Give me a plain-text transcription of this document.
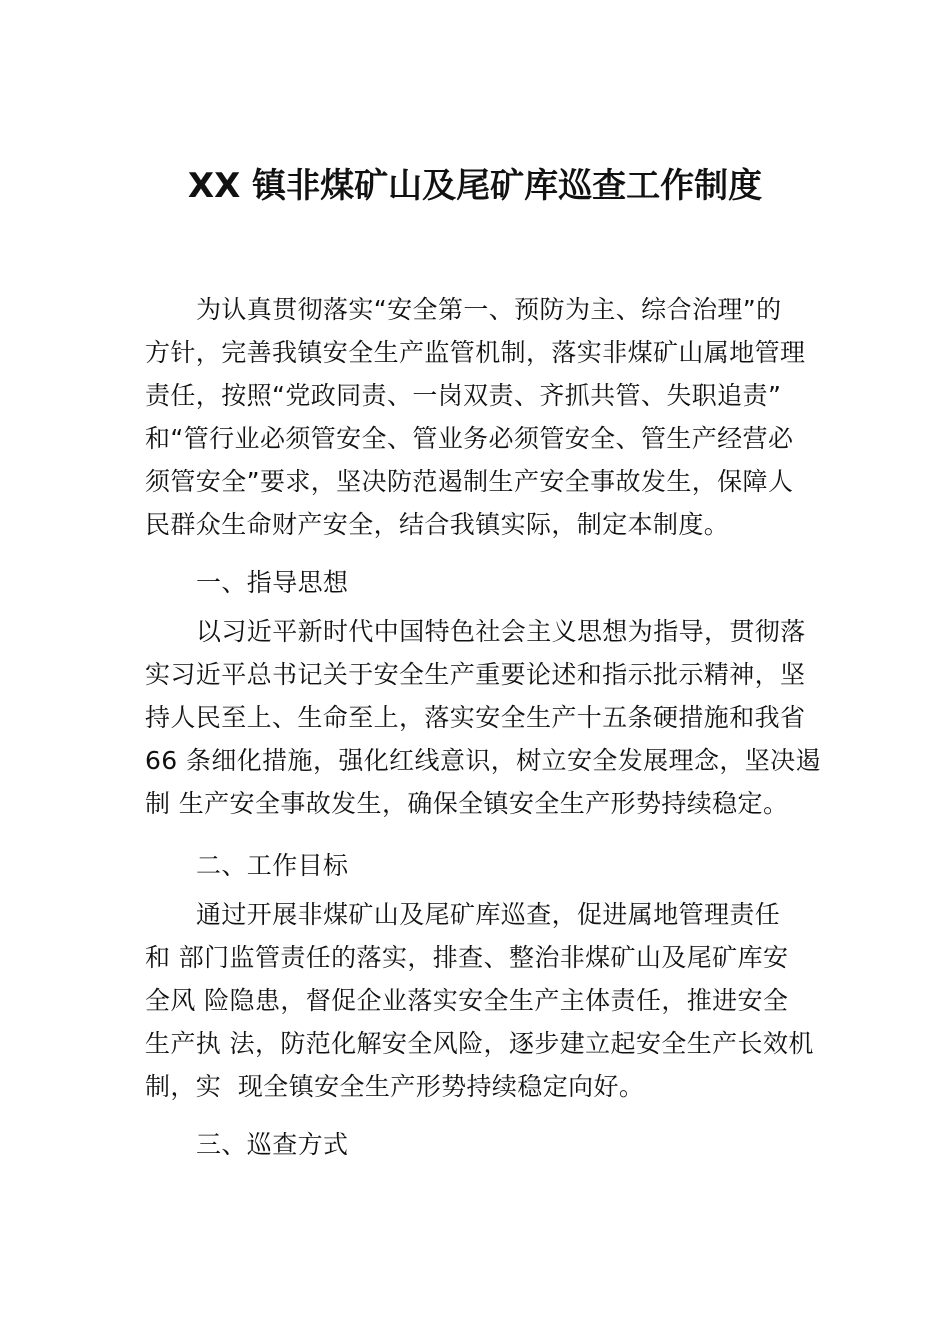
XX 镇非煤矿山及尾矿库巡查工作制度
为认真贯彻落实“安全第一、预防为主、综合治理”的
方针，完善我镇安全生产监管机制，落实非煤矿山属地管理
责任，按照“党政同责、一岗双责、齐抓共管、失职追责”
和“管行业必须管安全、管业务必须管安全、管生产经营必
须管安全”要求，坚决防范遏制生产安全事故发生，保障人
民群众生命财产安全，结合我镇实际，制定本制度。
一、指导思想
以习近平新时代中国特色社会主义思想为指导，贯彻落
实习近平总书记关于安全生产重要论述和指示批示精神，坚
持人民至上、生命至上，落实安全生产十五条硬措施和我省
66 条细化措施，强化红线意识，树立安全发展理念，坚决遏
制 生产安全事故发生，确保全镇安全生产形势持续稳定。
二、工作目标
通过开展非煤矿山及尾矿库巡查，促进属地管理责任
和 部门监管责任的落实，排查、整治非煤矿山及尾矿库安
全风 险隐患，督促企业落实安全生产主体责任，推进安全
生产执 法，防范化解安全风险，逐步建立起安全生产长效机
制，实  现全镇安全生产形势持续稳定向好。
三、巡查方式
